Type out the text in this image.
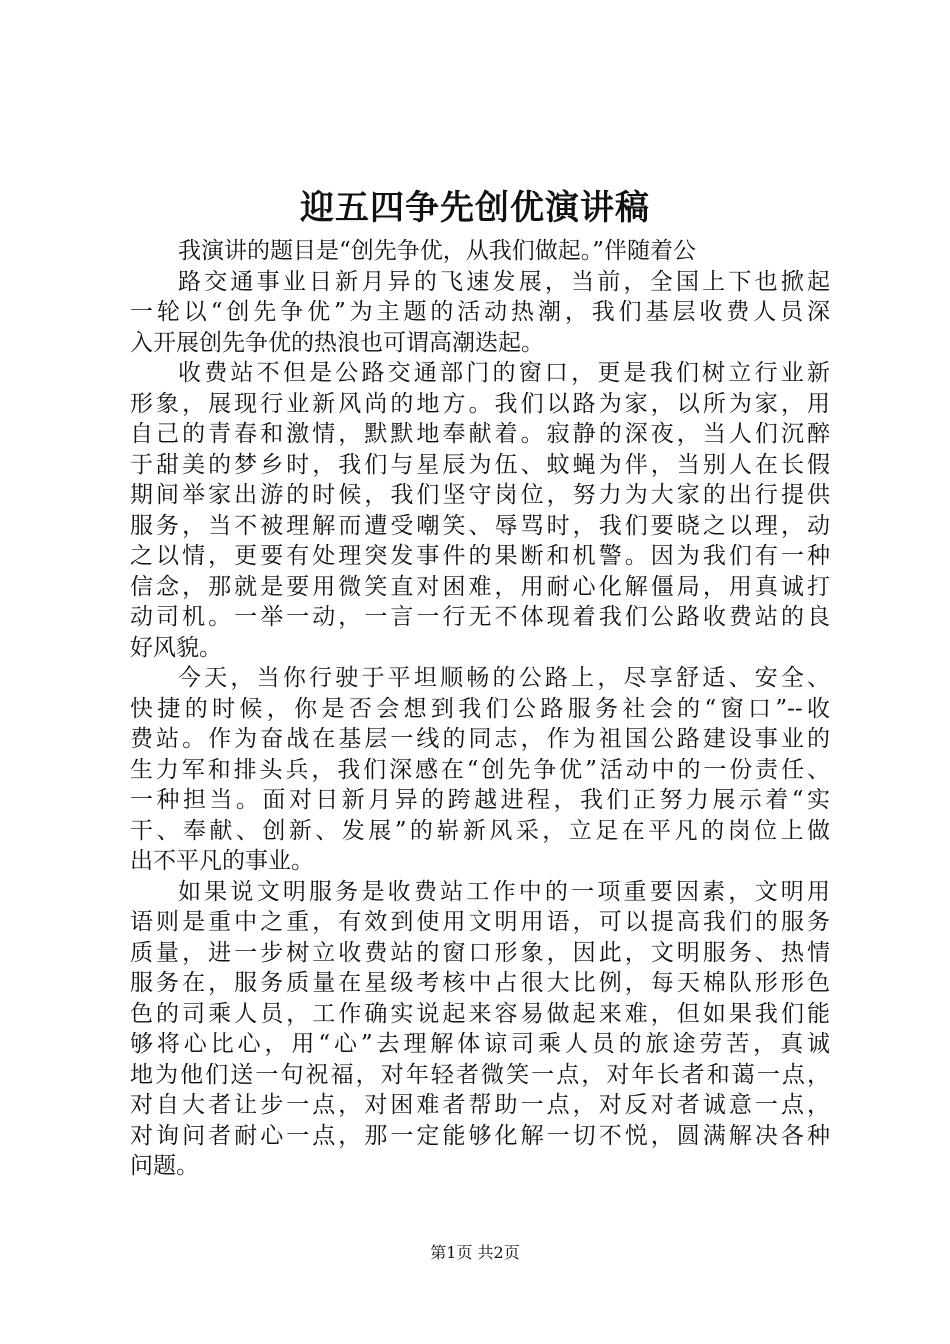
迎五四争先创优演讲稿
我演讲的题目是“创先争优，从我们做起。”伴随着公
路交通事业日新月异的飞速发展，当前，全国上下也掀起
一轮以“创先争优”为主题的活动热潮，我们基层收费人员深
入开展创先争优的热浪也可谓高潮迭起。
收费站不但是公路交通部门的窗口，更是我们树立行业新
形象，展现行业新风尚的地方。我们以路为家，以所为家，用
自己的青春和激情，默默地奉献着。寂静的深夜，当人们沉醉
于甜美的梦乡时，我们与星辰为伍、蚊蝇为伴，当别人在长假
期间举家出游的时候，我们坚守岗位，努力为大家的出行提供
服务，当不被理解而遭受嘲笑、辱骂时，我们要晓之以理，动
之以情，更要有处理突发事件的果断和机警。因为我们有一种
信念，那就是要用微笑直对困难，用耐心化解僵局，用真诚打
动司机。一举一动，一言一行无不体现着我们公路收费站的良
好风貌。
今天，当你行驶于平坦顺畅的公路上，尽享舒适、安全、
快捷的时候，你是否会想到我们公路服务社会的“窗口”--收
费站。作为奋战在基层一线的同志，作为祖国公路建设事业的
生力军和排头兵，我们深感在“创先争优”活动中的一份责任、
一种担当。面对日新月异的跨越进程，我们正努力展示着“实
干、奉献、创新、发展”的崭新风采，立足在平凡的岗位上做
出不平凡的事业。
如果说文明服务是收费站工作中的一项重要因素，文明用
语则是重中之重，有效到使用文明用语，可以提高我们的服务
质量，进一步树立收费站的窗口形象，因此，文明服务、热情
服务在，服务质量在星级考核中占很大比例，每天棉队形形色
色的司乘人员，工作确实说起来容易做起来难，但如果我们能
够将心比心，用“心”去理解体谅司乘人员的旅途劳苦，真诚
地为他们送一句祝福，对年轻者微笑一点，对年长者和蔼一点，
对自大者让步一点，对困难者帮助一点，对反对者诚意一点，
对询问者耐心一点，那一定能够化解一切不悦，圆满解决各种
问题。
第1页 共2页
